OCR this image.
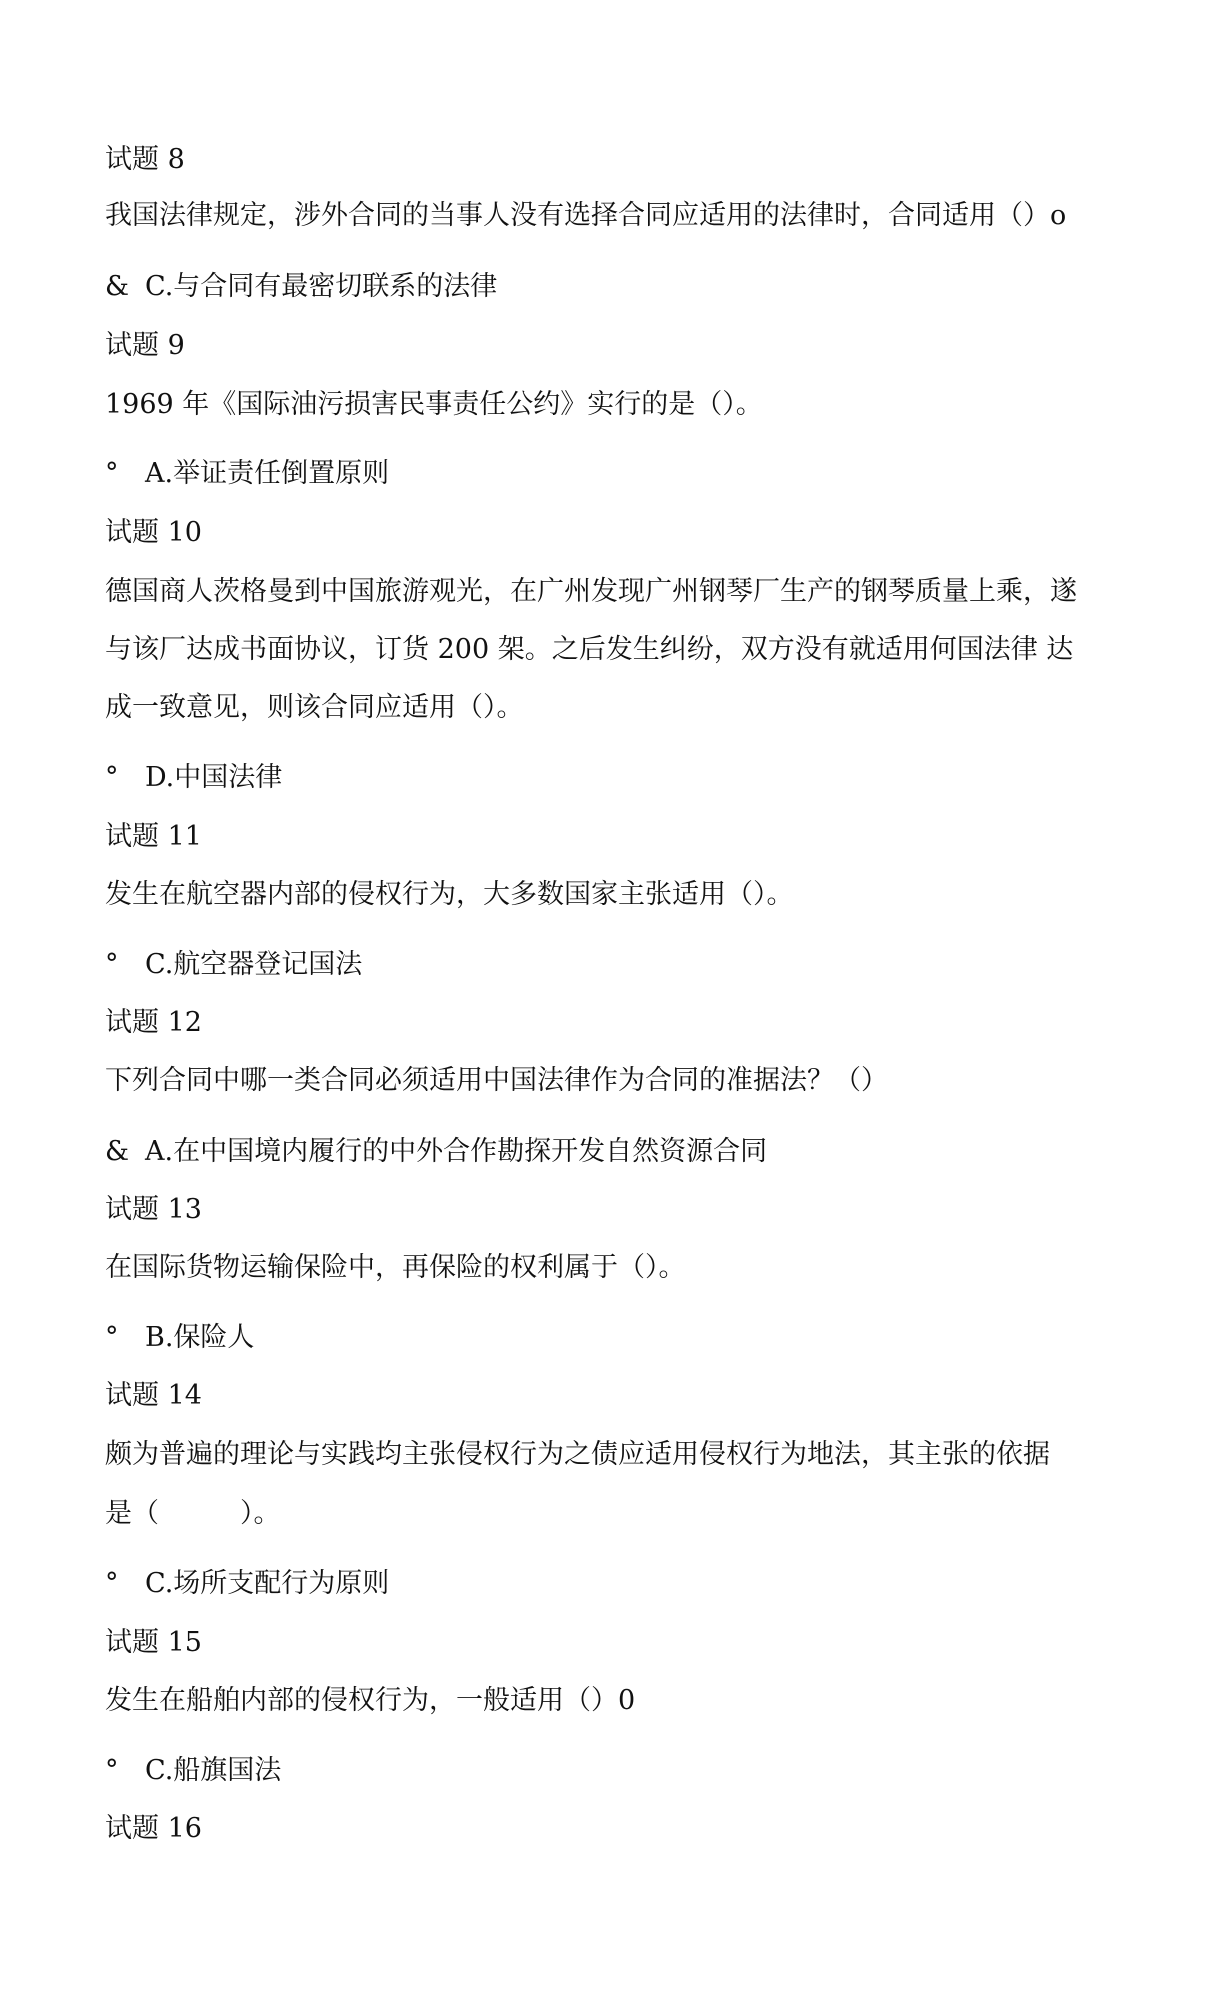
试题 8
我国法律规定，涉外合同的当事人没有选择合同应适用的法律时，合同适用（）o
& C.与合同有最密切联系的法律
试题 9
1969 年《国际油污损害民事责任公约》实行的是（）。
° A.举证责任倒置原则
试题 10
德国商人茨格曼到中国旅游观光，在广州发现广州钢琴厂生产的钢琴质量上乘，遂
与该厂达成书面协议，订货 200 架。之后发生纠纷，双方没有就适用何国法律 达
成一致意见，则该合同应适用（）。
° D.中国法律
试题 11
发生在航空器内部的侵权行为，大多数国家主张适用（）。
° C.航空器登记国法
试题 12
下列合同中哪一类合同必须适用中国法律作为合同的准据法？（）
& A.在中国境内履行的中外合作勘探开发自然资源合同
试题 13
在国际货物运输保险中，再保险的权利属于（）。
° B.保险人
试题 14
颇为普遍的理论与实践均主张侵权行为之债应适用侵权行为地法，其主张的依据
是（　　　）。
° C.场所支配行为原则
试题 15
发生在船舶内部的侵权行为，一般适用（）0
° C.船旗国法
试题 16
